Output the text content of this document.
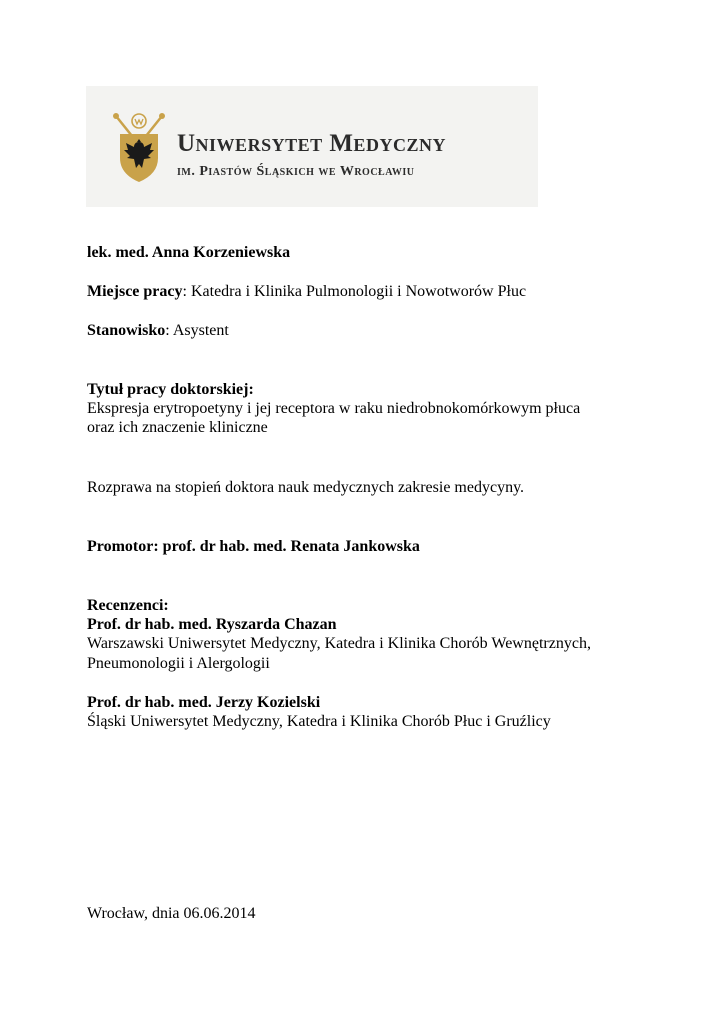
Uniwersytet Medyczny
im. Piastów Śląskich we Wrocławiu
lek. med. Anna Korzeniewska
Miejsce pracy: Katedra i Klinika Pulmonologii i Nowotworów Płuc
Stanowisko: Asystent
Tytuł pracy doktorskiej:
Ekspresja erytropoetyny i jej receptora w raku niedrobnokomórkowym płuca
oraz ich znaczenie kliniczne
Rozprawa na stopień doktora nauk medycznych zakresie medycyny.
Promotor: prof. dr hab. med. Renata Jankowska
Recenzenci:
Prof. dr hab. med. Ryszarda Chazan
Warszawski Uniwersytet Medyczny, Katedra i Klinika Chorób Wewnętrznych,
Pneumonologii i Alergologii
Prof. dr hab. med. Jerzy Kozielski
Śląski Uniwersytet Medyczny, Katedra i Klinika Chorób Płuc i Gruźlicy
Wrocław, dnia 06.06.2014
